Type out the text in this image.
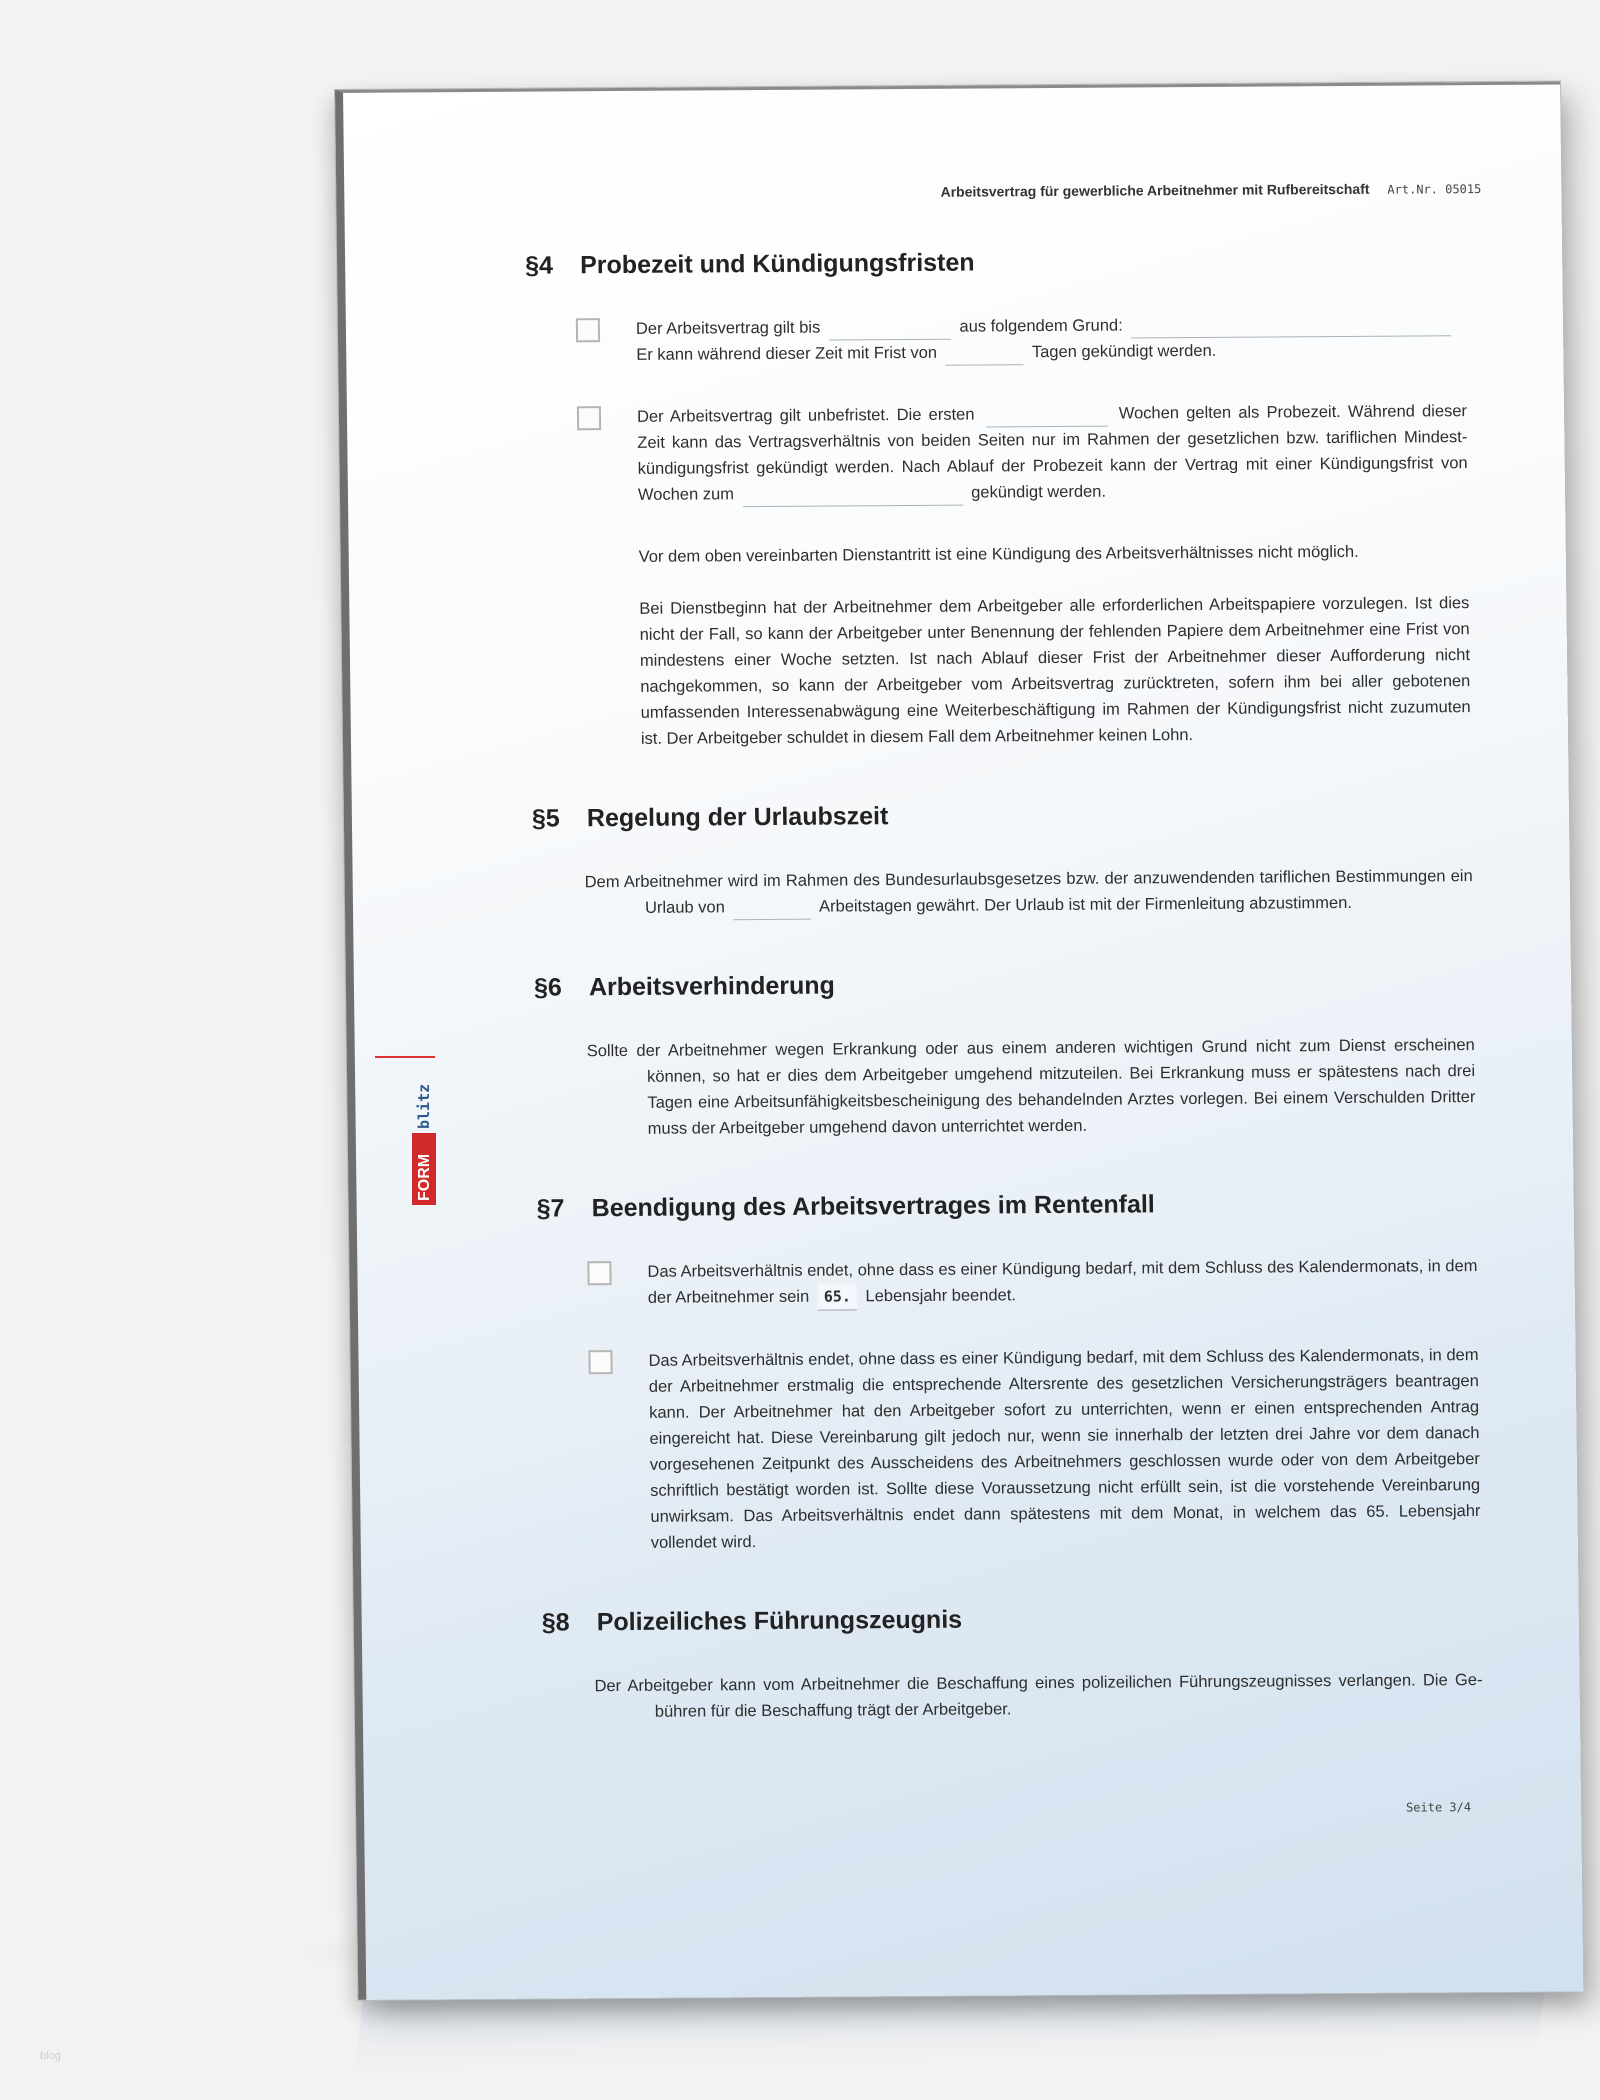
Arbeitsvertrag für gewerbliche Arbeitnehmer mit Rufbereitschaft Art.Nr. 05015
§4	Probezeit und Kündigungsfristen
Der Arbeitsvertrag gilt bis	aus folgendem Grund:
Er kann während dieser Zeit mit Frist von	Tagen gekündigt werden.
Der Arbeitsvertrag gilt unbefristet. Die ersten	Wochen gelten als Probezeit. Während dieser Zeit kann das Vertragsverhältnis von beiden Seiten nur im Rahmen der gesetzlichen bzw. tariflichen Mindestkündigungsfrist gekündigt werden. Nach Ablauf der Probezeit kann der Vertrag mit einer Kündigungsfrist von Wochen zum	gekündigt werden.
Vor dem oben vereinbarten Dienstantritt ist eine Kündigung des Arbeitsverhältnisses nicht möglich.
Bei Dienstbeginn hat der Arbeitnehmer dem Arbeitgeber alle erforderlichen Arbeitspapiere vorzulegen. Ist dies nicht der Fall, so kann der Arbeitgeber unter Benennung der fehlenden Papiere dem Arbeitnehmer eine Frist von mindestens einer Woche setzten. Ist nach Ablauf dieser Frist der Arbeitnehmer dieser Aufforderung nicht nachgekommen, so kann der Arbeitgeber vom Arbeitsvertrag zurücktreten, sofern ihm bei aller gebotenen umfassenden Interessenabwägung eine Weiterbeschäftigung im Rahmen der Kündigungsfrist nicht zuzumuten ist. Der Arbeitgeber schuldet in diesem Fall dem Arbeitnehmer keinen Lohn.
§5	Regelung der Urlaubszeit
Dem Arbeitnehmer wird im Rahmen des Bundesurlaubsgesetzes bzw. der anzuwendenden tariflichen Bestimmungen ein Urlaub von	Arbeitstagen gewährt. Der Urlaub ist mit der Firmenleitung abzustimmen.
§6	Arbeitsverhinderung
Sollte der Arbeitnehmer wegen Erkrankung oder aus einem anderen wichtigen Grund nicht zum Dienst erscheinen können, so hat er dies dem Arbeitgeber umgehend mitzuteilen. Bei Erkrankung muss er spätestens nach drei Tagen eine Arbeitsunfähigkeitsbescheinigung des behandelnden Arztes vorlegen. Bei einem Verschulden Dritter muss der Arbeitgeber umgehend davon unterrichtet werden.
§7	Beendigung des Arbeitsvertrages im Rentenfall
Das Arbeitsverhältnis endet, ohne dass es einer Kündigung bedarf, mit dem Schluss des Kalendermonats, in dem der Arbeitnehmer sein 65. Lebensjahr beendet.
Das Arbeitsverhältnis endet, ohne dass es einer Kündigung bedarf, mit dem Schluss des Kalendermonats, in dem der Arbeitnehmer erstmalig die entsprechende Altersrente des gesetzlichen Versicherungsträgers beantragen kann. Der Arbeitnehmer hat den Arbeitgeber sofort zu unterrichten, wenn er einen entsprechenden Antrag eingereicht hat. Diese Vereinbarung gilt jedoch nur, wenn sie innerhalb der letzten drei Jahre vor dem danach vorgesehenen Zeitpunkt des Ausscheidens des Arbeitnehmers geschlossen wurde oder von dem Arbeitgeber schriftlich bestätigt worden ist. Sollte diese Voraussetzung nicht erfüllt sein, ist die vorstehende Vereinbarung unwirksam. Das Arbeitsverhältnis endet dann spätestens mit dem Monat, in welchem das 65. Lebensjahr vollendet wird.
§8	Polizeiliches Führungszeugnis
Der Arbeitgeber kann vom Arbeitnehmer die Beschaffung eines polizeilichen Führungszeugnisses verlangen. Die Gebühren für die Beschaffung trägt der Arbeitgeber.
Seite 3/4
FORM
blitz
blog
